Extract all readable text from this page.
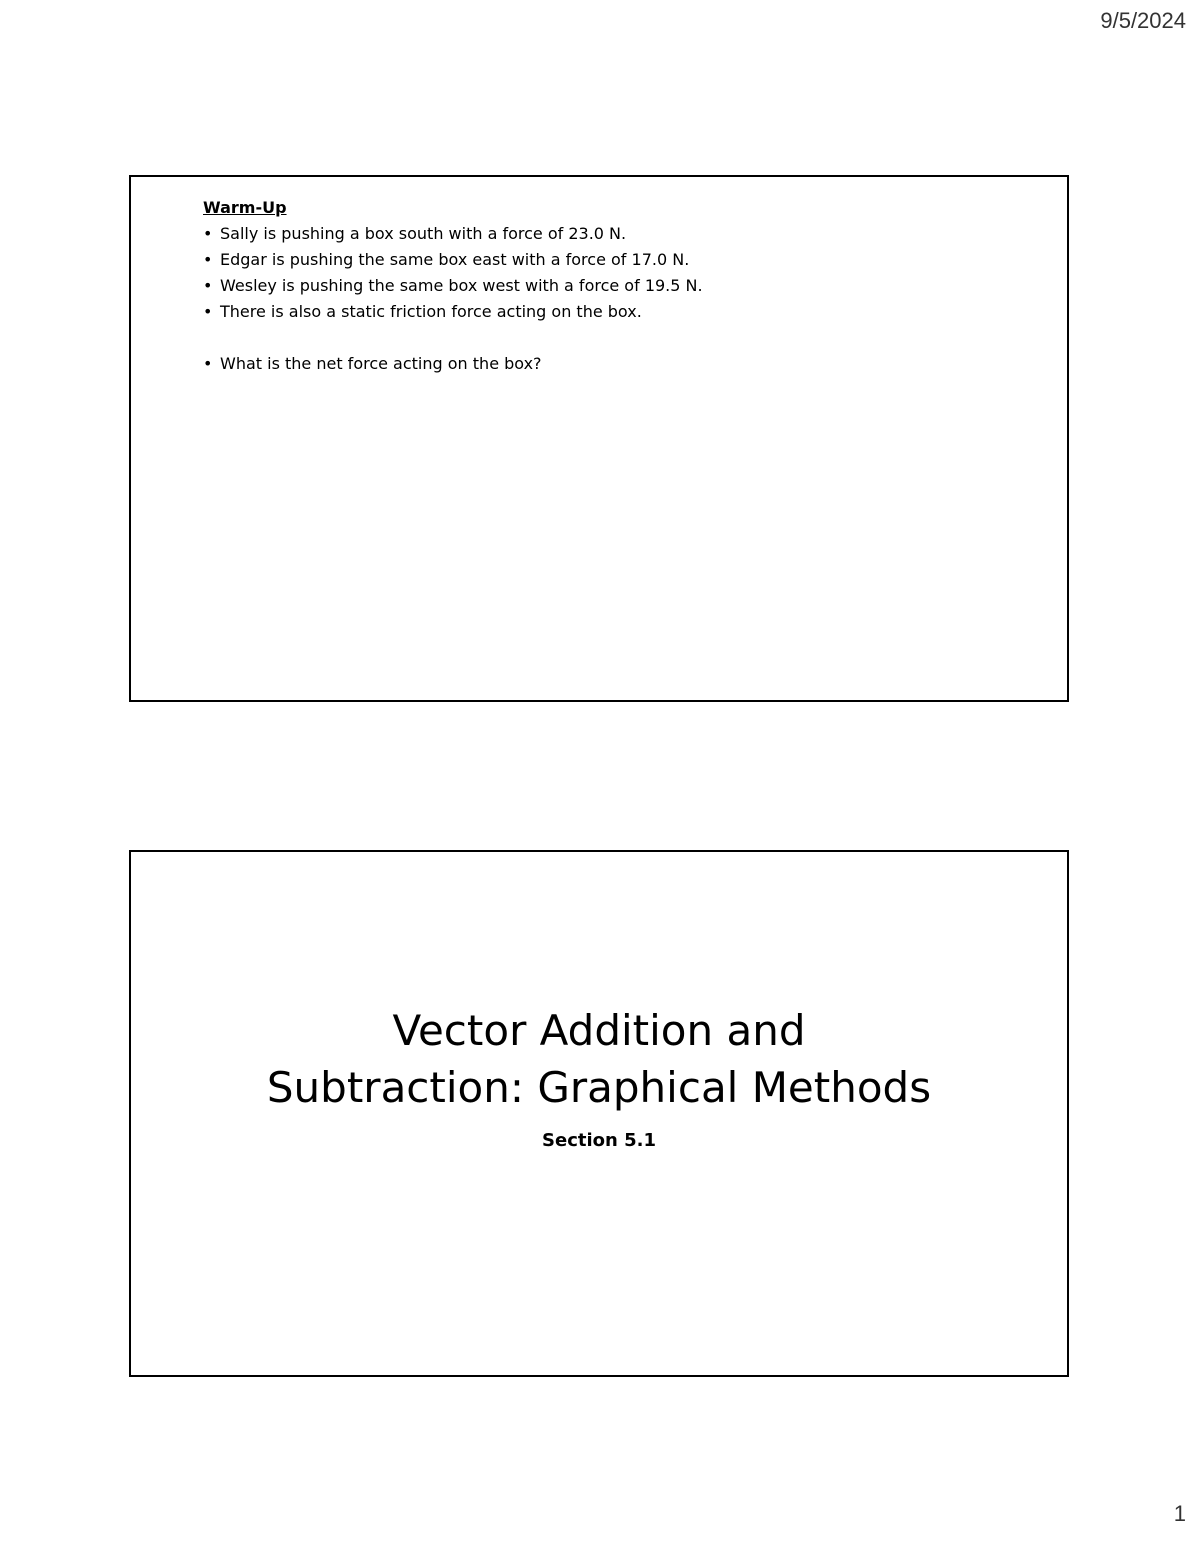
9/5/2024
Warm-Up
• Sally is pushing a box south with a force of 23.0 N.
• Edgar is pushing the same box east with a force of 17.0 N.
• Wesley is pushing the same box west with a force of 19.5 N.
• There is also a static friction force acting on the box.
• What is the net force acting on the box?
Vector Addition and
Subtraction: Graphical Methods
Section 5.1
1
